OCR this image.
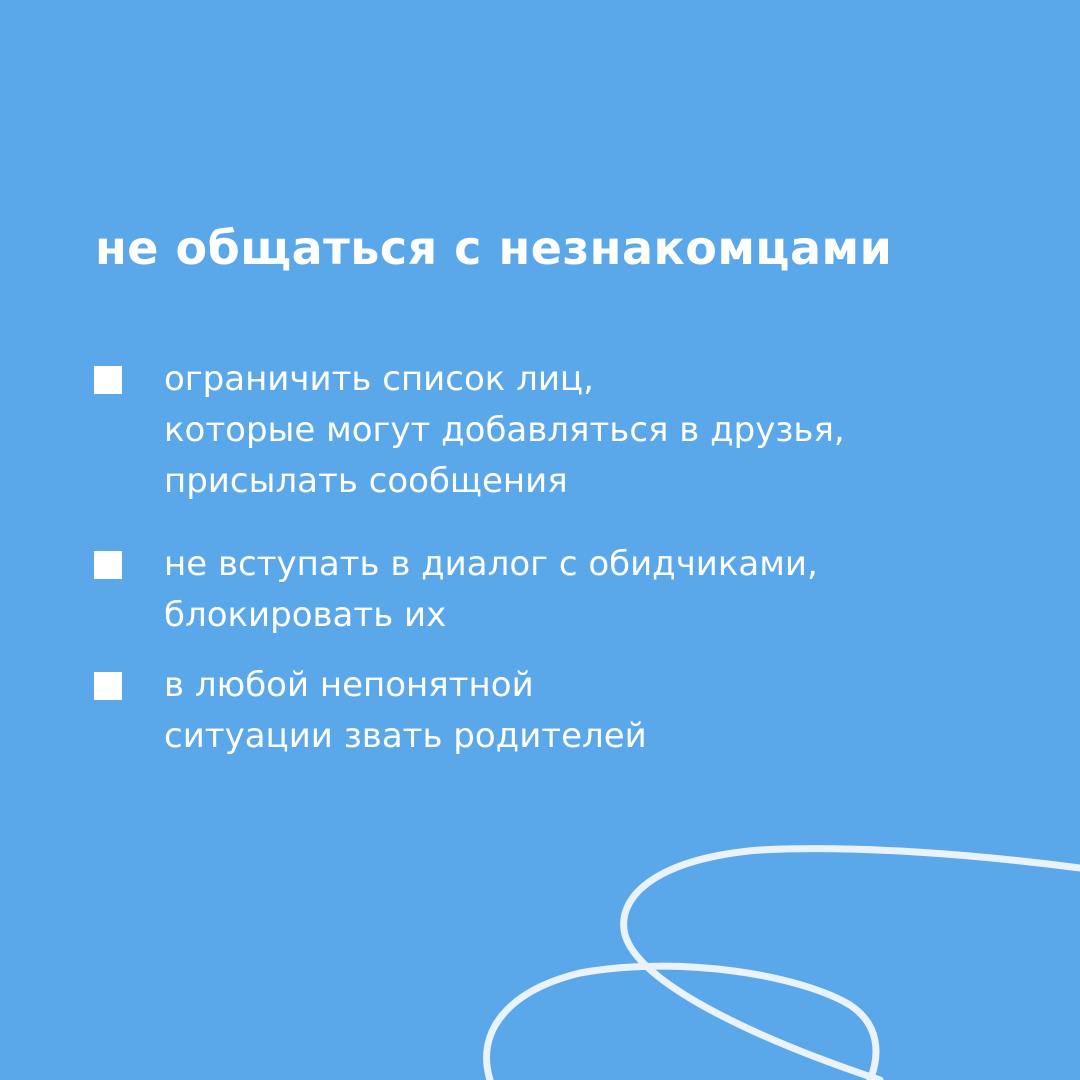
не общаться с незнакомцами

ограничить список лиц,
которые могут добавляться в друзья,
присылать сообщения

не вступать в диалог с обидчиками,
блокировать их

в любой непонятной
ситуации звать родителей
